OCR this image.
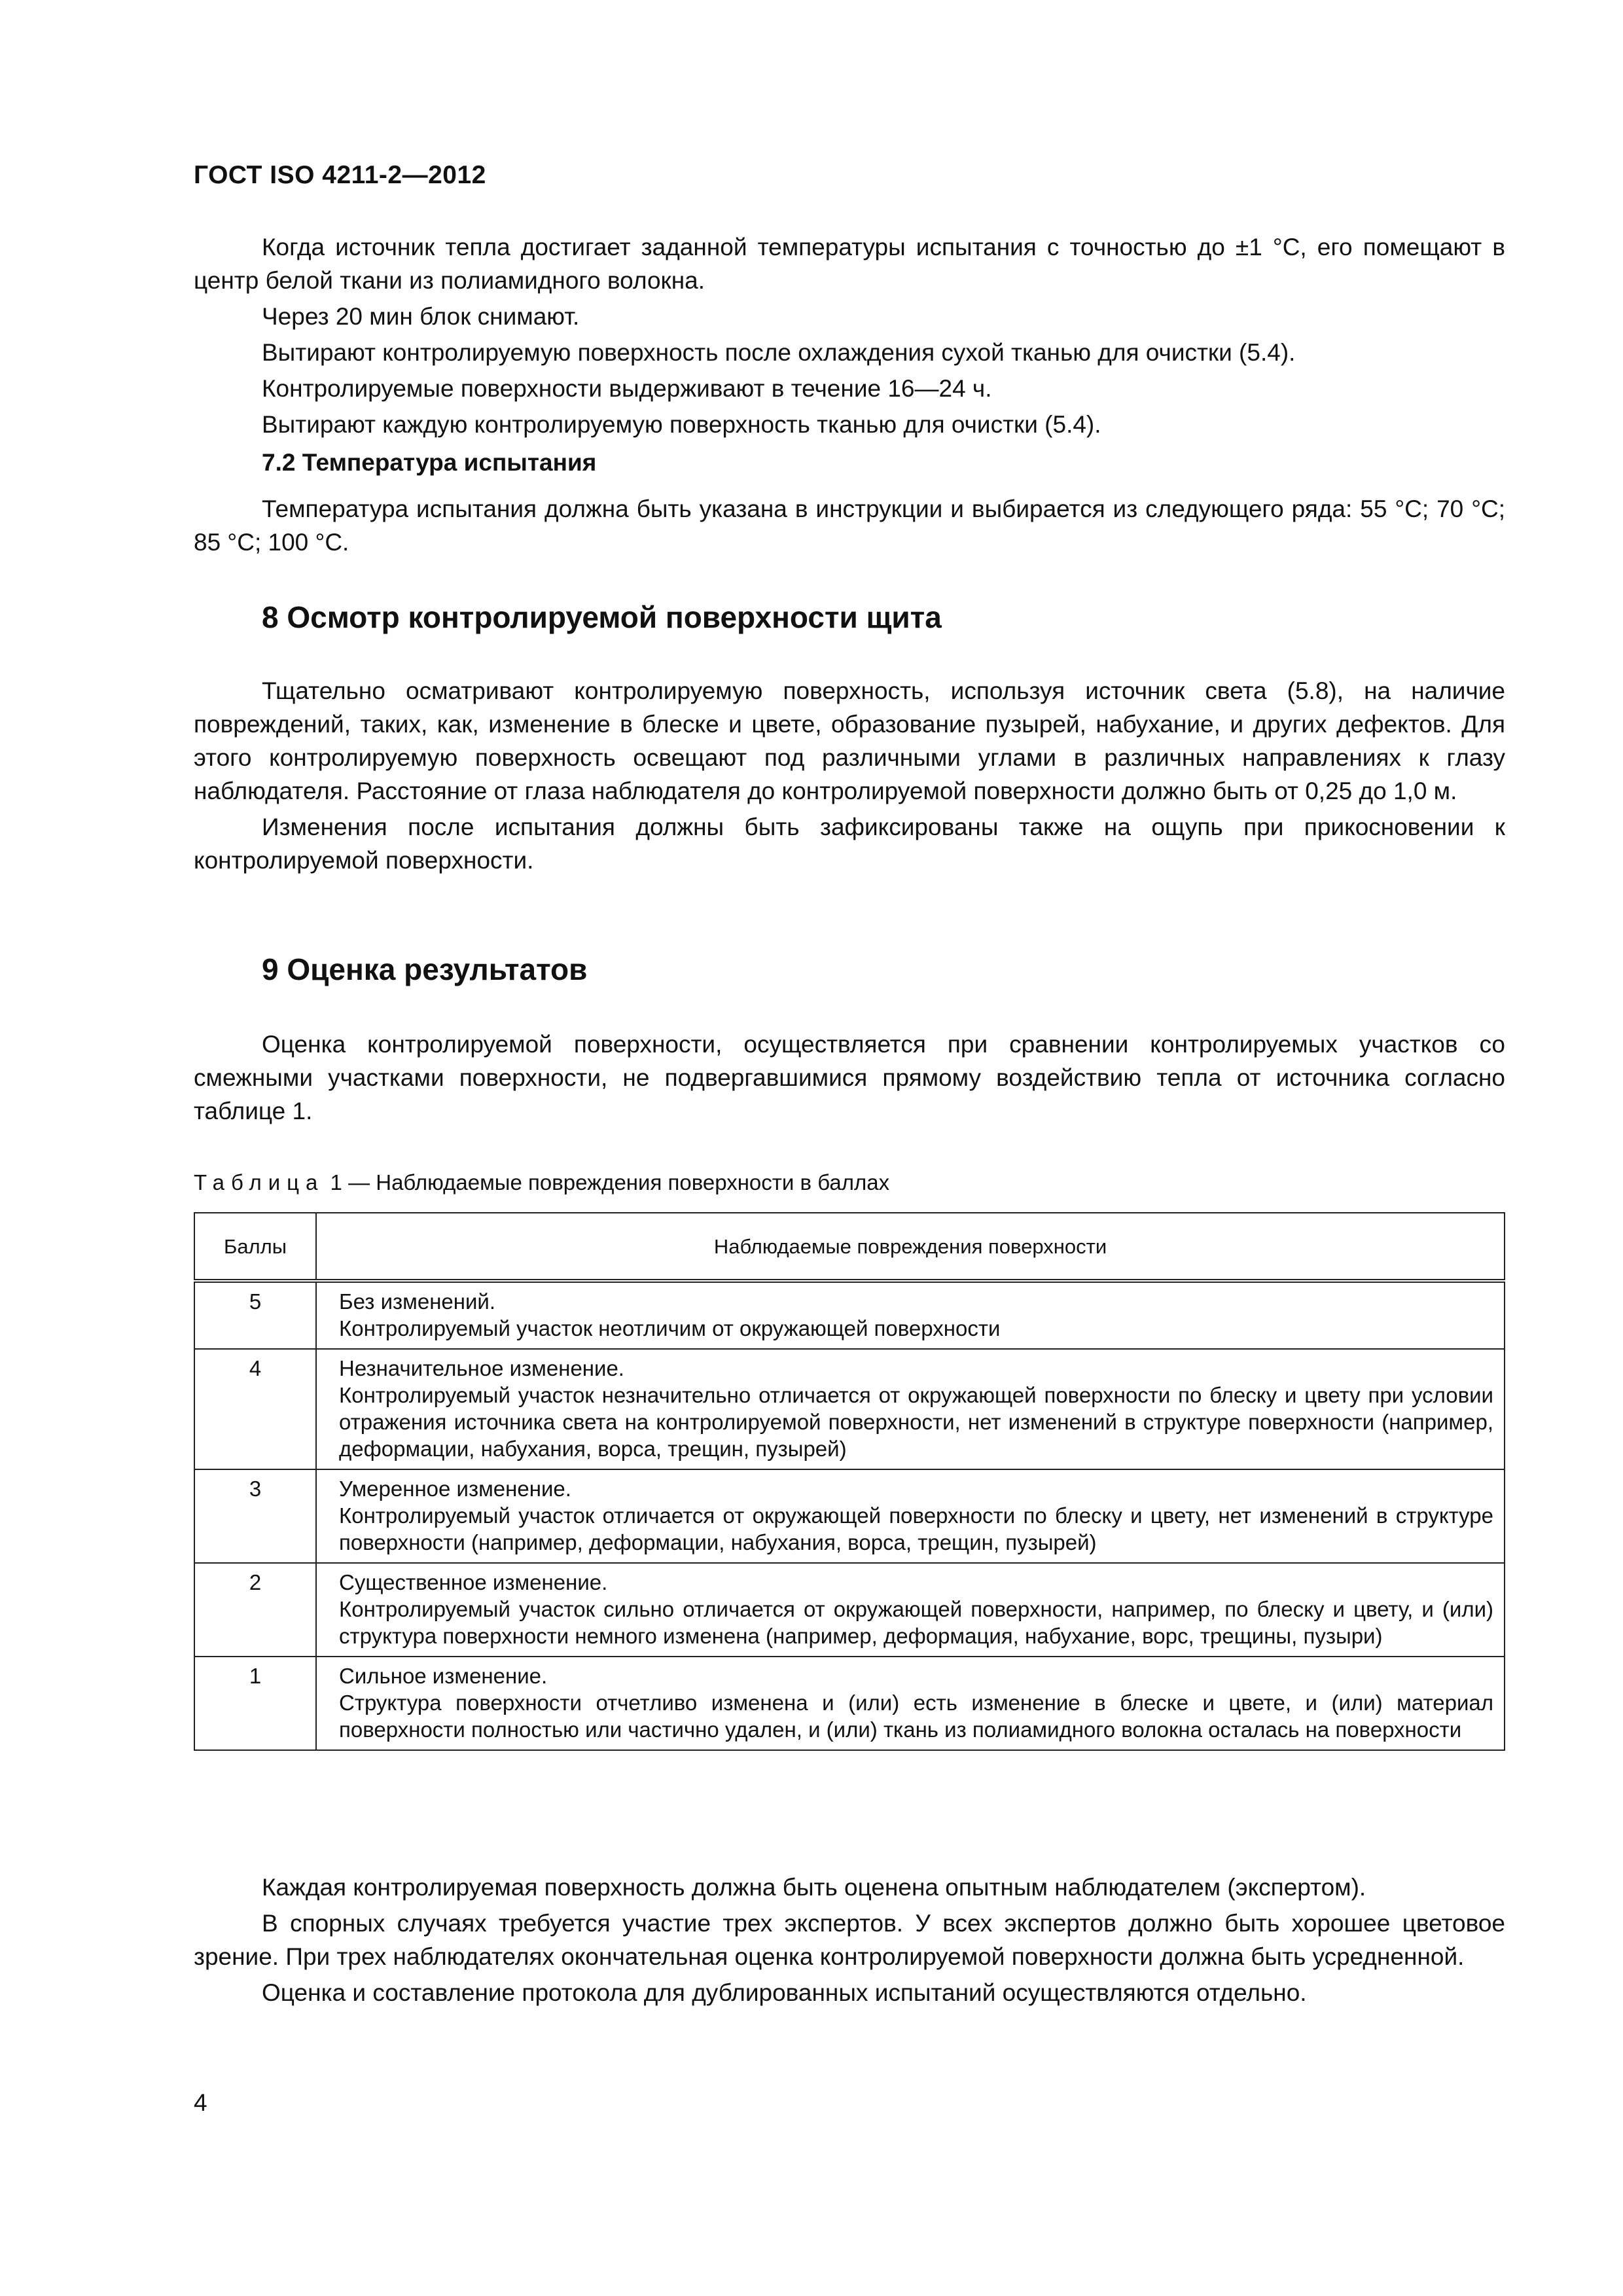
ГОСТ ISO 4211-2—2012

Когда источник тепла достигает заданной температуры испытания с точностью до ±1 °С, его помещают в центр белой ткани из полиамидного волокна.

Через 20 мин блок снимают.

Вытирают контролируемую поверхность после охлаждения сухой тканью для очистки (5.4).

Контролируемые поверхности выдерживают в течение 16—24 ч.

Вытирают каждую контролируемую поверхность тканью для очистки (5.4).

7.2 Температура испытания

Температура испытания должна быть указана в инструкции и выбирается из следующего ряда: 55 °С; 70 °С; 85 °С; 100 °С.

8 Осмотр контролируемой поверхности щита

Тщательно осматривают контролируемую поверхность, используя источник света (5.8), на наличие повреждений, таких, как, изменение в блеске и цвете, образование пузырей, набухание, и других дефектов. Для этого контролируемую поверхность освещают под различными углами в различных направлениях к глазу наблюдателя. Расстояние от глаза наблюдателя до контролируемой поверхности должно быть от 0,25 до 1,0 м.

Изменения после испытания должны быть зафиксированы также на ощупь при прикосновении к контролируемой поверхности.

9 Оценка результатов

Оценка контролируемой поверхности, осуществляется при сравнении контролируемых участков со смежными участками поверхности, не подвергавшимися прямому воздействию тепла от источника согласно таблице 1.

Таблица 1 — Наблюдаемые повреждения поверхности в баллах
Баллы	Наблюдаемые повреждения поверхности
5	Без изменений.
Контролируемый участок неотличим от окружающей поверхности

4	Незначительное изменение.
Контролируемый участок незначительно отличается от окружающей поверхности по блеску и цвету при условии отражения источника света на контролируемой поверхности, нет изменений в структуре поверхности (например, деформации, набухания, ворса, трещин, пузырей)

3	Умеренное изменение.
Контролируемый участок отличается от окружающей поверхности по блеску и цвету, нет изменений в структуре поверхности (например, деформации, набухания, ворса, трещин, пузырей)

2	Существенное изменение.
Контролируемый участок сильно отличается от окружающей поверхности, например, по блеску и цвету, и (или) структура поверхности немного изменена (например, деформация, набухание, ворс, трещины, пузыри)

1	Сильное изменение.
Структура поверхности отчетливо изменена и (или) есть изменение в блеске и цвете, и (или) материал поверхности полностью или частично удален, и (или) ткань из полиамидного волокна осталась на поверхности

Каждая контролируемая поверхность должна быть оценена опытным наблюдателем (экспертом).

В спорных случаях требуется участие трех экспертов. У всех экспертов должно быть хорошее цветовое зрение. При трех наблюдателях окончательная оценка контролируемой поверхности должна быть усредненной.

Оценка и составление протокола для дублированных испытаний осуществляются отдельно.

4
